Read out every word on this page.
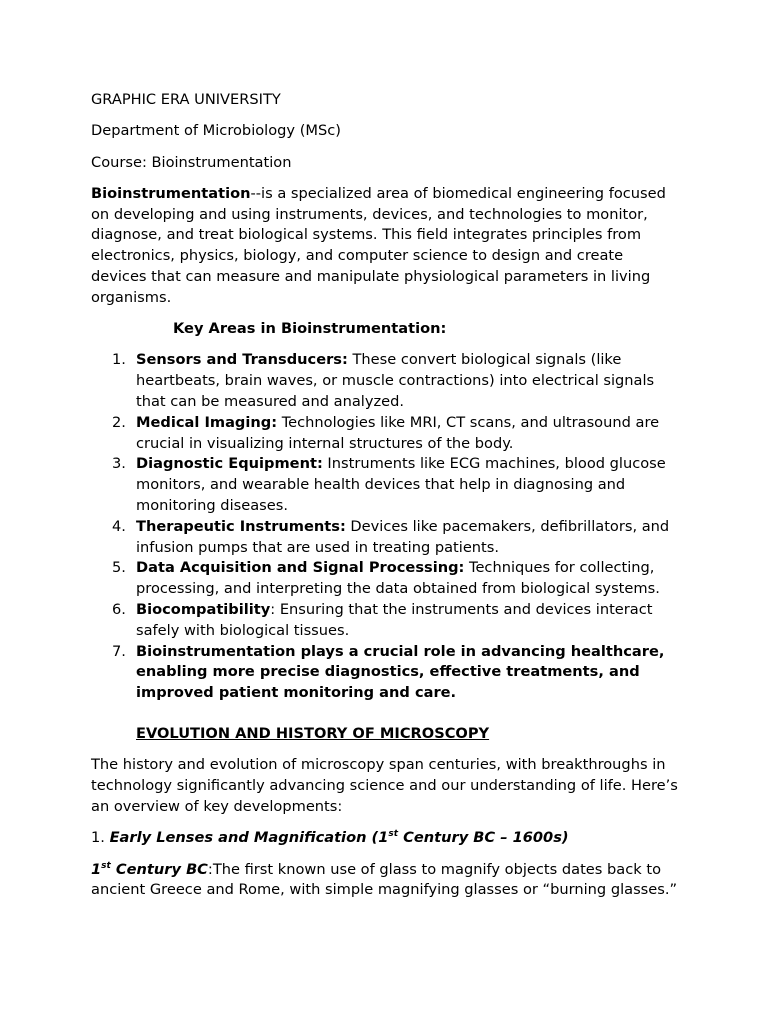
GRAPHIC ERA UNIVERSITY
Department of Microbiology (MSc)
Course: Bioinstrumentation
Bioinstrumentation--is a specialized area of biomedical engineering focused on developing and using instruments, devices, and technologies to monitor, diagnose, and treat biological systems. This field integrates principles from electronics, physics, biology, and computer science to design and create devices that can measure and manipulate physiological parameters in living organisms.
Key Areas in Bioinstrumentation:
1. Sensors and Transducers: These convert biological signals (like heartbeats, brain waves, or muscle contractions) into electrical signals that can be measured and analyzed.
2. Medical Imaging: Technologies like MRI, CT scans, and ultrasound are crucial in visualizing internal structures of the body.
3. Diagnostic Equipment: Instruments like ECG machines, blood glucose monitors, and wearable health devices that help in diagnosing and monitoring diseases.
4. Therapeutic Instruments: Devices like pacemakers, defibrillators, and infusion pumps that are used in treating patients.
5. Data Acquisition and Signal Processing: Techniques for collecting, processing, and interpreting the data obtained from biological systems.
6. Biocompatibility: Ensuring that the instruments and devices interact safely with biological tissues.
7. Bioinstrumentation plays a crucial role in advancing healthcare, enabling more precise diagnostics, effective treatments, and improved patient monitoring and care.
EVOLUTION AND HISTORY OF MICROSCOPY
The history and evolution of microscopy span centuries, with breakthroughs in technology significantly advancing science and our understanding of life. Here’s an overview of key developments:
1. Early Lenses and Magnification (1st Century BC – 1600s)
1st Century BC:The first known use of glass to magnify objects dates back to ancient Greece and Rome, with simple magnifying glasses or “burning glasses.”
